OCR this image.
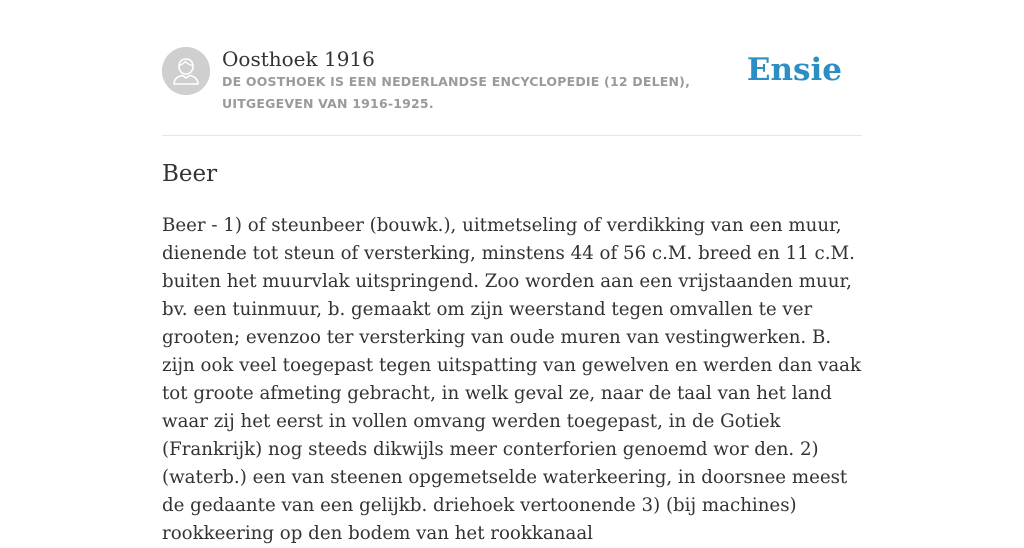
Oosthoek 1916
DE OOSTHOEK IS EEN NEDERLANDSE ENCYCLOPEDIE (12 DELEN), UITGEGEVEN VAN 1916-1925.
Ensie
Beer

Beer - 1) of steunbeer (bouwk.), uitmetseling of verdikking van een muur, dienende tot steun of versterking, minstens 44 of 56 c.M. breed en 11 c.M. buiten het muurvlak uitspringend. Zoo worden aan een vrijstaanden muur, bv. een tuinmuur, b. gemaakt om zijn weerstand tegen omvallen te ver grooten; evenzoo ter versterking van oude muren van vestingwerken. B. zijn ook veel toegepast tegen uitspatting van gewelven en werden dan vaak tot groote afmeting gebracht, in welk geval ze, naar de taal van het land waar zij het eerst in vollen omvang werden toegepast, in de Gotiek (Frankrijk) nog steeds dikwijls meer conterforien genoemd wor den. 2) (waterb.) een van steenen opgemetselde waterkeering, in doorsnee meest de gedaante van een gelijkb. driehoek vertoonende 3) (bij machines) rookkeering op den bodem van het rookkanaal
